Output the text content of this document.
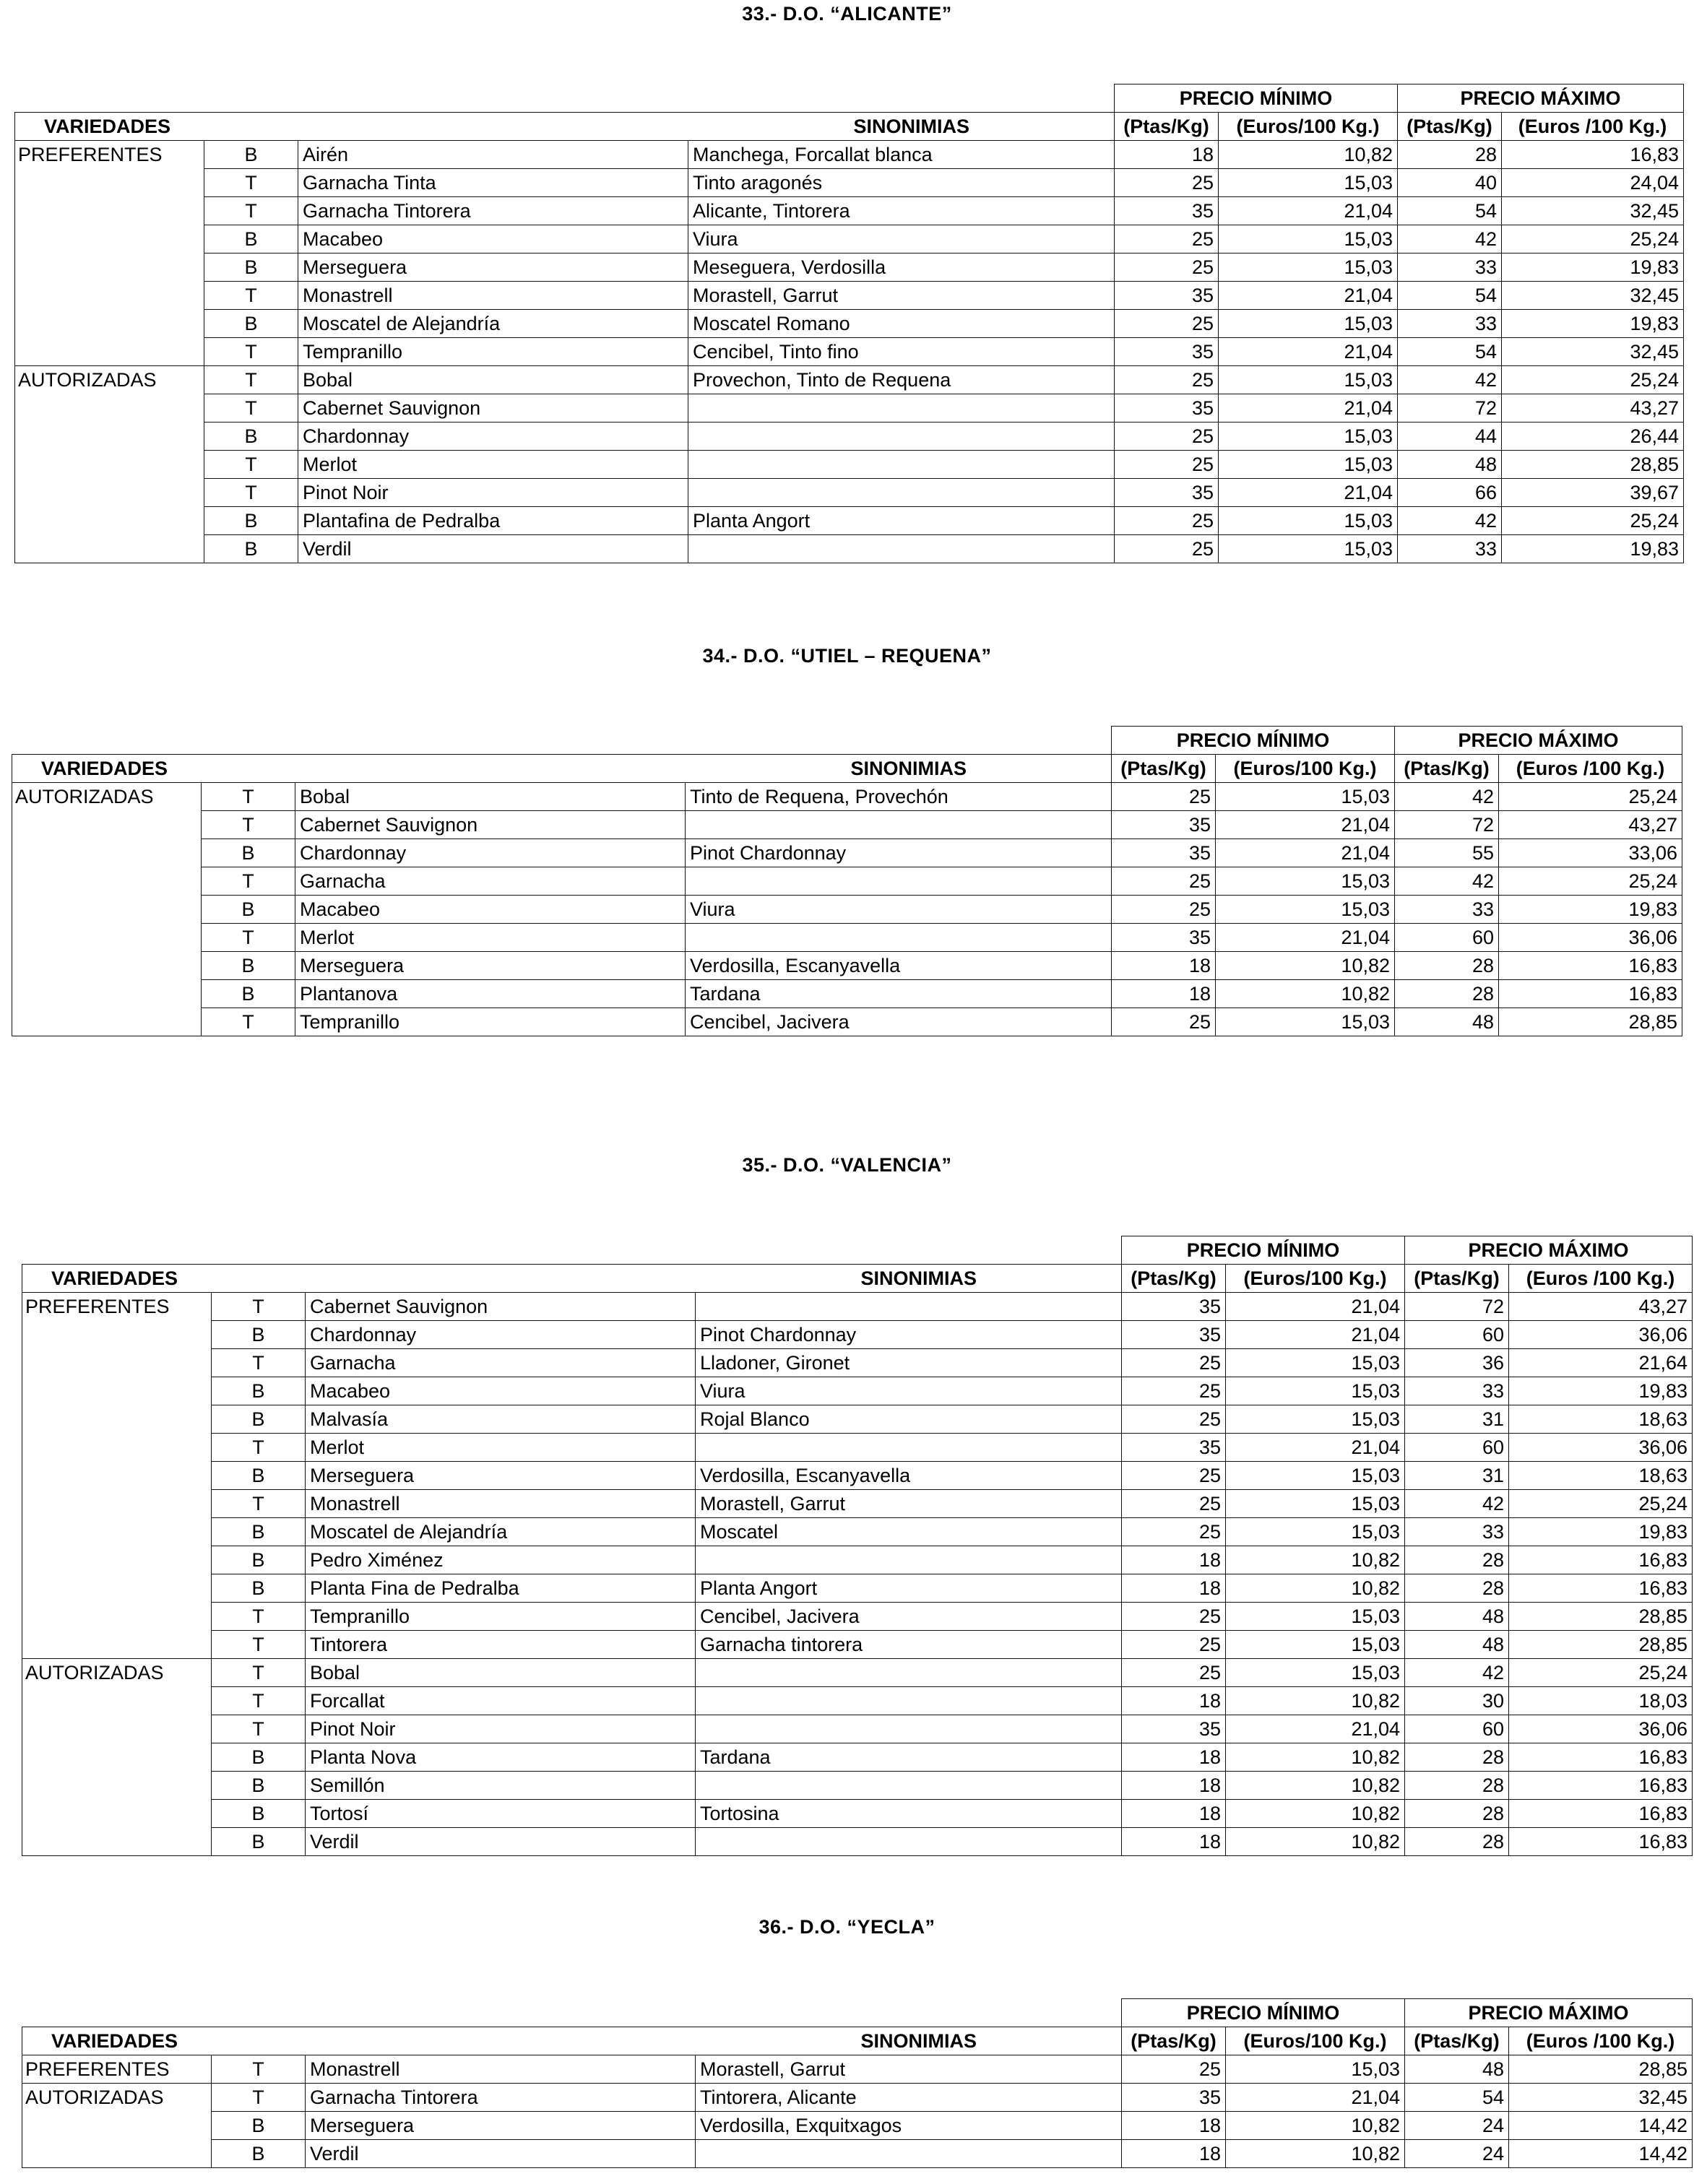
33.- D.O. “ALICANTE”
34.- D.O. “UTIEL – REQUENA”
35.- D.O. “VALENCIA”
36.- D.O. “YECLA”
				PRECIO MÍNIMO		PRECIO MÁXIMO	
VARIEDADES			SINONIMIAS	(Ptas/Kg)	(Euros/100 Kg.)	(Ptas/Kg)	(Euros /100 Kg.)
PREFERENTES	B	Airén	Manchega, Forcallat blanca	18	10,82	28	16,83
	T	Garnacha Tinta	Tinto aragonés	25	15,03	40	24,04
	T	Garnacha Tintorera	Alicante, Tintorera	35	21,04	54	32,45
	B	Macabeo	Viura	25	15,03	42	25,24
	B	Merseguera	Meseguera, Verdosilla	25	15,03	33	19,83
	T	Monastrell	Morastell, Garrut	35	21,04	54	32,45
	B	Moscatel de Alejandría	Moscatel Romano	25	15,03	33	19,83
	T	Tempranillo	Cencibel, Tinto fino	35	21,04	54	32,45
AUTORIZADAS	T	Bobal	Provechon, Tinto de Requena	25	15,03	42	25,24
	T	Cabernet Sauvignon		35	21,04	72	43,27
	B	Chardonnay		25	15,03	44	26,44
	T	Merlot		25	15,03	48	28,85
	T	Pinot Noir		35	21,04	66	39,67
	B	Plantafina de Pedralba	Planta Angort	25	15,03	42	25,24
	B	Verdil		25	15,03	33	19,83
				PRECIO MÍNIMO		PRECIO MÁXIMO	
VARIEDADES			SINONIMIAS	(Ptas/Kg)	(Euros/100 Kg.)	(Ptas/Kg)	(Euros /100 Kg.)
AUTORIZADAS	T	Bobal	Tinto de Requena, Provechón	25	15,03	42	25,24
	T	Cabernet Sauvignon		35	21,04	72	43,27
	B	Chardonnay	Pinot Chardonnay	35	21,04	55	33,06
	T	Garnacha		25	15,03	42	25,24
	B	Macabeo	Viura	25	15,03	33	19,83
	T	Merlot		35	21,04	60	36,06
	B	Merseguera	Verdosilla, Escanyavella	18	10,82	28	16,83
	B	Plantanova	Tardana	18	10,82	28	16,83
	T	Tempranillo	Cencibel, Jacivera	25	15,03	48	28,85
				PRECIO MÍNIMO		PRECIO MÁXIMO	
VARIEDADES			SINONIMIAS	(Ptas/Kg)	(Euros/100 Kg.)	(Ptas/Kg)	(Euros /100 Kg.)
PREFERENTES	T	Cabernet Sauvignon		35	21,04	72	43,27
	B	Chardonnay	Pinot Chardonnay	35	21,04	60	36,06
	T	Garnacha	Lladoner, Gironet	25	15,03	36	21,64
	B	Macabeo	Viura	25	15,03	33	19,83
	B	Malvasía	Rojal Blanco	25	15,03	31	18,63
	T	Merlot		35	21,04	60	36,06
	B	Merseguera	Verdosilla, Escanyavella	25	15,03	31	18,63
	T	Monastrell	Morastell, Garrut	25	15,03	42	25,24
	B	Moscatel de Alejandría	Moscatel	25	15,03	33	19,83
	B	Pedro Ximénez		18	10,82	28	16,83
	B	Planta Fina de Pedralba	Planta Angort	18	10,82	28	16,83
	T	Tempranillo	Cencibel, Jacivera	25	15,03	48	28,85
	T	Tintorera	Garnacha tintorera	25	15,03	48	28,85
AUTORIZADAS	T	Bobal		25	15,03	42	25,24
	T	Forcallat		18	10,82	30	18,03
	T	Pinot Noir		35	21,04	60	36,06
	B	Planta Nova	Tardana	18	10,82	28	16,83
	B	Semillón		18	10,82	28	16,83
	B	Tortosí	Tortosina	18	10,82	28	16,83
	B	Verdil		18	10,82	28	16,83
				PRECIO MÍNIMO		PRECIO MÁXIMO	
VARIEDADES			SINONIMIAS	(Ptas/Kg)	(Euros/100 Kg.)	(Ptas/Kg)	(Euros /100 Kg.)
PREFERENTES	T	Monastrell	Morastell, Garrut	25	15,03	48	28,85
AUTORIZADAS	T	Garnacha Tintorera	Tintorera, Alicante	35	21,04	54	32,45
	B	Merseguera	Verdosilla, Exquitxagos	18	10,82	24	14,42
	B	Verdil		18	10,82	24	14,42
